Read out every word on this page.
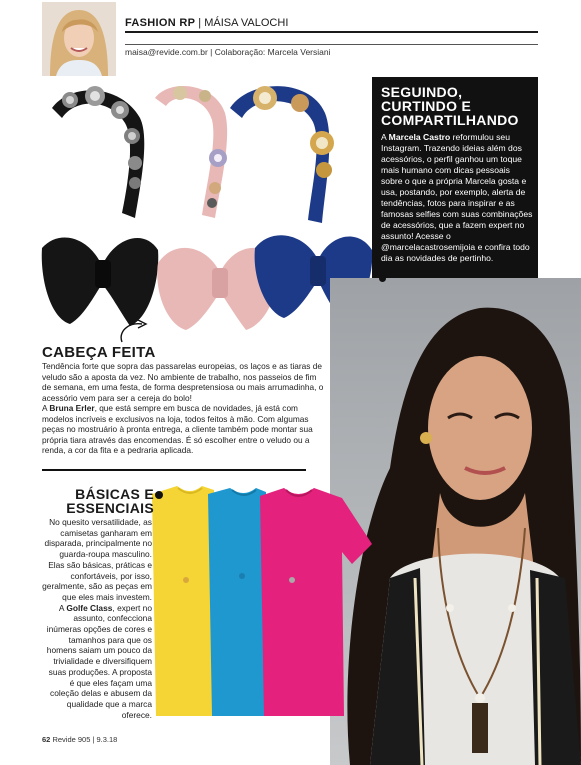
FASHION RP | MÁISA VALOCHI
maisa@revide.com.br | Colaboração: Marcela Versiani
SEGUINDO,
CURTINDO E
COMPARTILHANDO
A Marcela Castro reformulou seu Instagram. Trazendo ideias além dos acessórios, o perfil ganhou um toque mais humano com dicas pessoais sobre o que a própria Marcela gosta e usa, postando, por exemplo, alerta de tendências, fotos para inspirar e as famosas selfies com suas combinações de acessórios, que a fazem expert no assunto! Acesse o @marcelacastrosemijoia e confira todo dia as novidades de pertinho.
CABEÇA FEITA
Tendência forte que sopra das passarelas europeias, os laços e as tiaras de veludo são a aposta da vez. No ambiente de trabalho, nos passeios de fim de semana, em uma festa, de forma despretensiosa ou mais arrumadinha, o acessório vem para ser a cereja do bolo!
A Bruna Erler, que está sempre em busca de novidades, já está com modelos incríveis e exclusivos na loja, todos feitos à mão. Com algumas peças no mostruário à pronta entrega, a cliente também pode montar sua própria tiara através das encomendas. É só escolher entre o veludo ou a renda, a cor da fita e a pedraria aplicada.
BÁSICAS E
ESSENCIAIS
No quesito versatilidade, as camisetas ganharam em disparada, principalmente no guarda-roupa masculino. Elas são básicas, práticas e confortáveis, por isso, geralmente, são as peças em que eles mais investem.
A Golfe Class, expert no assunto, confecciona inúmeras opções de cores e tamanhos para que os homens saiam um pouco da trivialidade e diversifiquem suas produções. A proposta é que eles façam uma coleção delas e abusem da qualidade que a marca oferece.
62 Revide 905 | 9.3.18
